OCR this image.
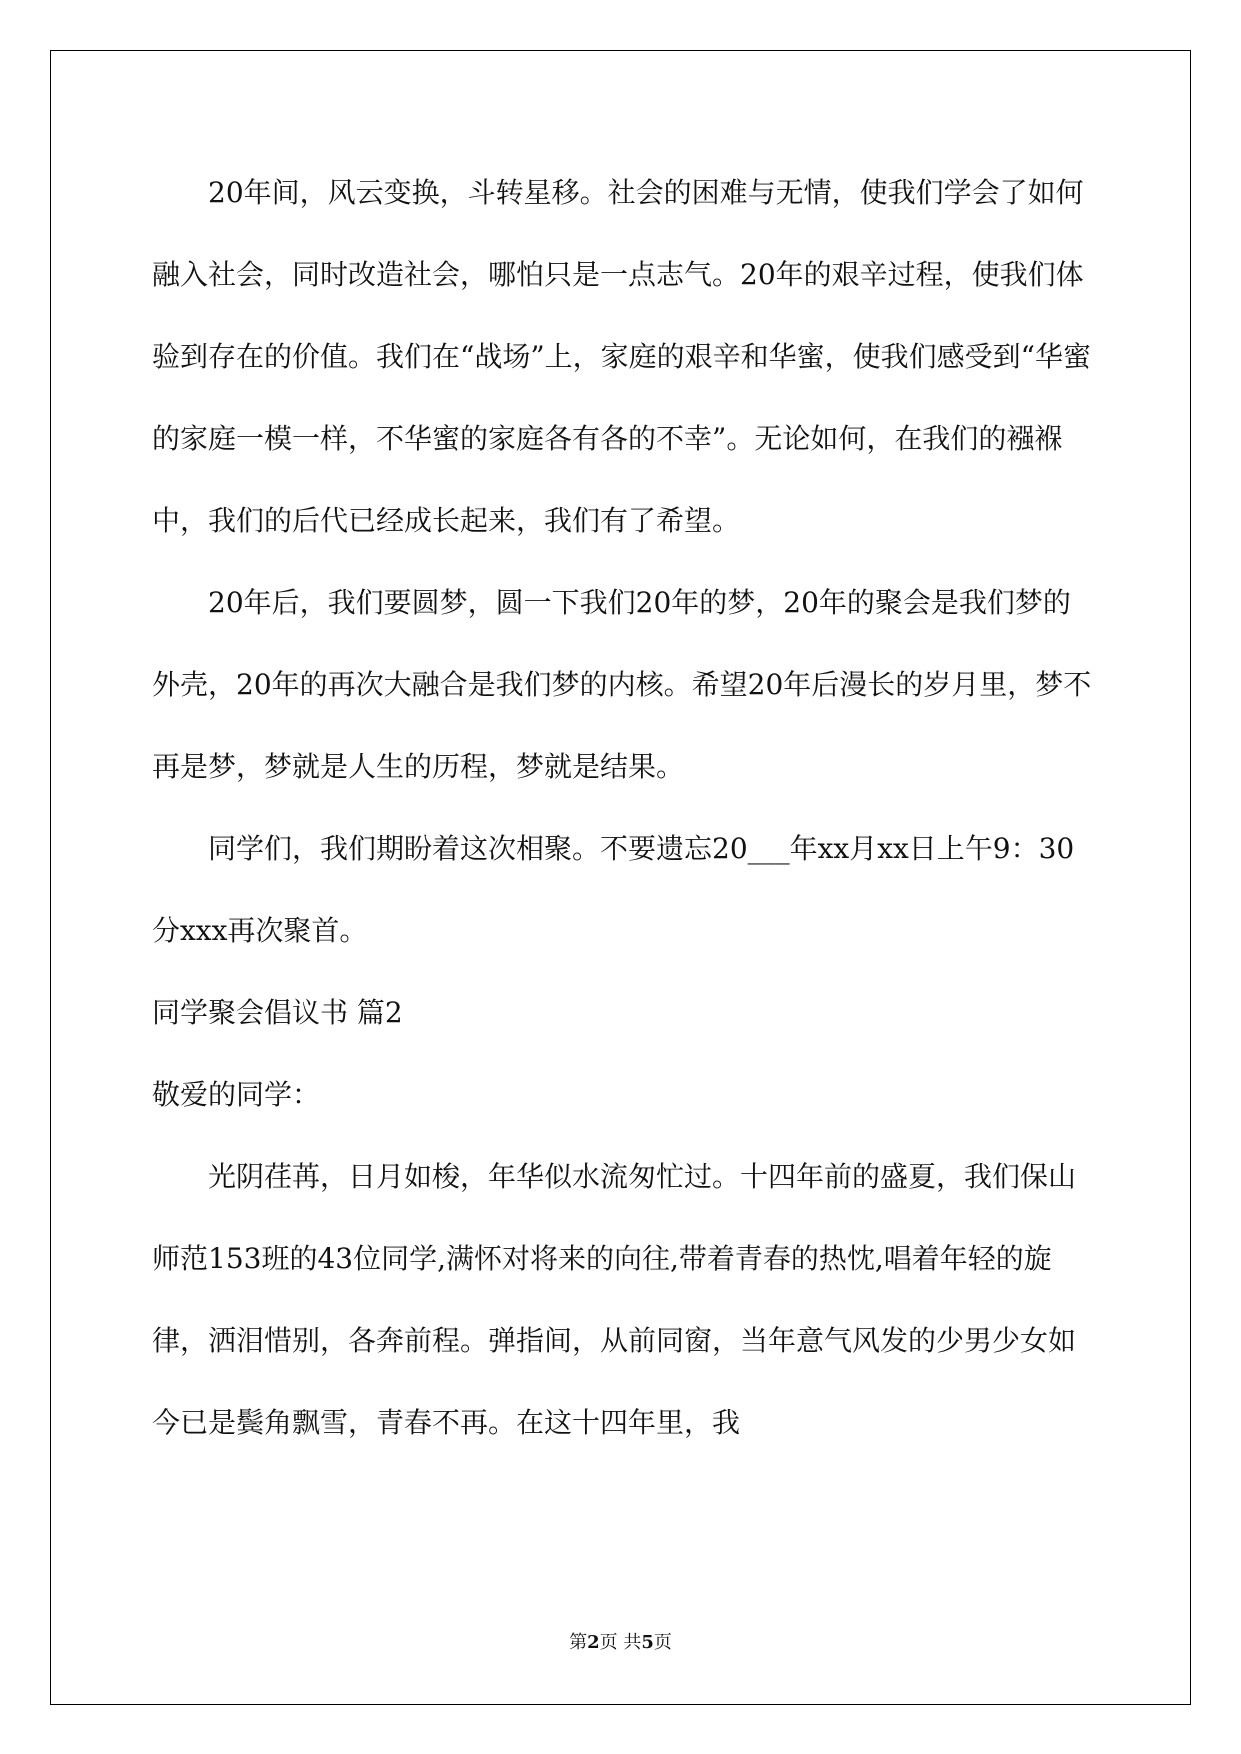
20年间，风云变换，斗转星移。社会的困难与无情，使我们学会了如何融入社会，同时改造社会，哪怕只是一点志气。20年的艰辛过程，使我们体验到存在的价值。我们在“战场”上，家庭的艰辛和华蜜，使我们感受到“华蜜的家庭一模一样，不华蜜的家庭各有各的不幸”。无论如何，在我们的襁褓中，我们的后代已经成长起来，我们有了希望。

20年后，我们要圆梦，圆一下我们20年的梦，20年的聚会是我们梦的外壳，20年的再次大融合是我们梦的内核。希望20年后漫长的岁月里，梦不再是梦，梦就是人生的历程，梦就是结果。

同学们，我们期盼着这次相聚。不要遗忘20___年xx月xx日上午9：30分xxx再次聚首。

同学聚会倡议书 篇2

敬爱的同学：

光阴荏苒，日月如梭，年华似水流匆忙过。十四年前的盛夏，我们保山师范153班的43位同学,满怀对将来的向往,带着青春的热忱,唱着年轻的旋律，洒泪惜别，各奔前程。弹指间，从前同窗，当年意气风发的少男少女如今已是鬓角飘雪，青春不再。在这十四年里，我

第2页 共5页
